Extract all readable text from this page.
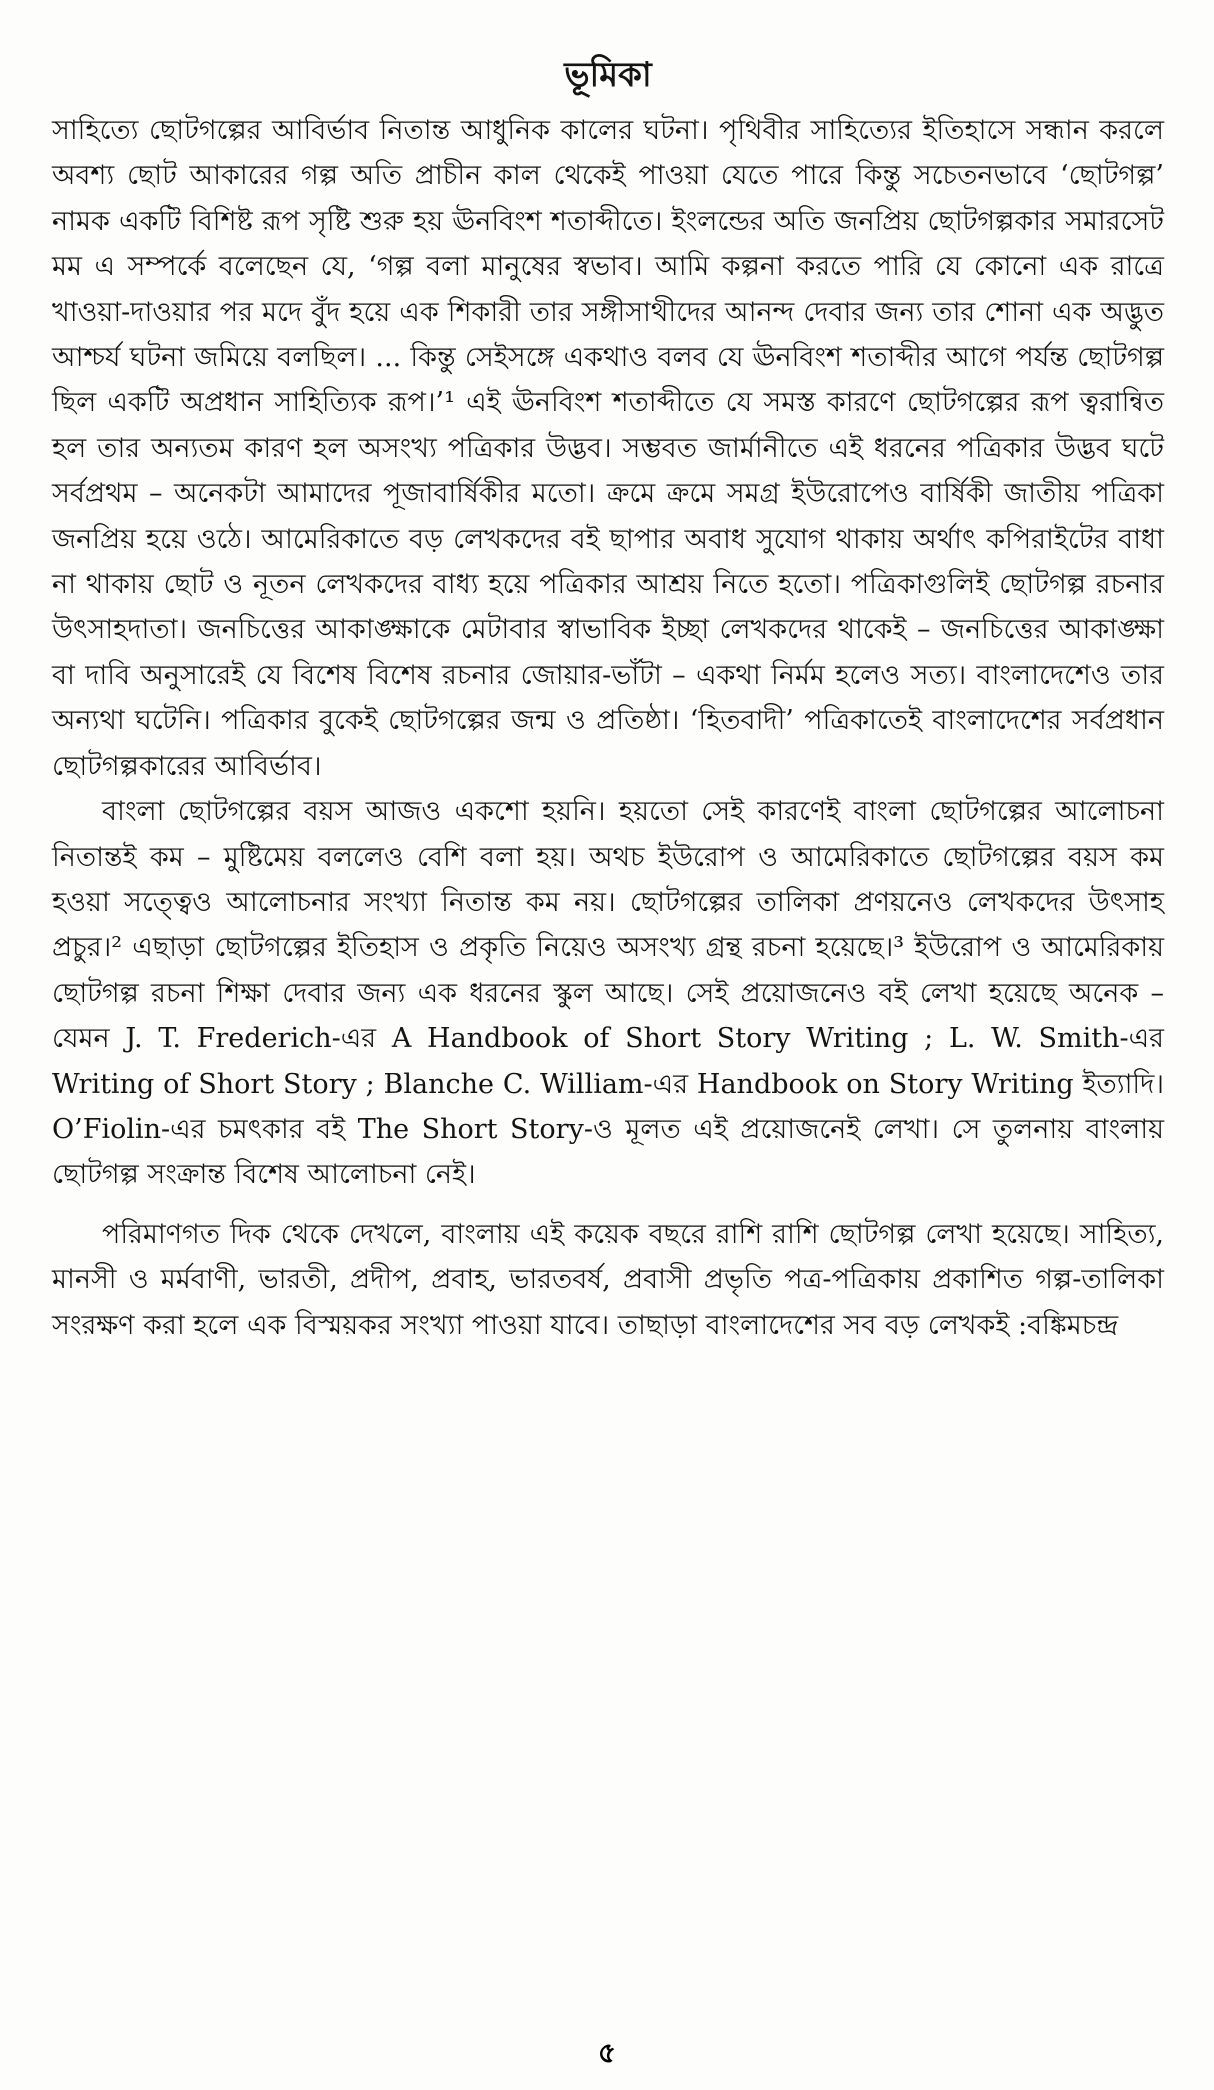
ভূমিকা

সাহিত্যে ছোটগল্পের আবির্ভাব নিতান্ত আধুনিক কালের ঘটনা। পৃথিবীর সাহিত্যের ইতিহাসে সন্ধান করলে অবশ্য ছোট আকারের গল্প অতি প্রাচীন কাল থেকেই পাওয়া যেতে পারে কিন্তু সচেতনভাবে ‘ছোটগল্প’ নামক একটি বিশিষ্ট রূপ সৃষ্টি শুরু হয় ঊনবিংশ শতাব্দীতে। ইংলন্ডের অতি জনপ্রিয় ছোটগল্পকার সমারসেট মম এ সম্পর্কে বলেছেন যে, ‘গল্প বলা মানুষের স্বভাব। আমি কল্পনা করতে পারি যে কোনো এক রাত্রে খাওয়া-দাওয়ার পর মদে বুঁদ হয়ে এক শিকারী তার সঙ্গীসাথীদের আনন্দ দেবার জন্য তার শোনা এক অদ্ভুত আশ্চর্য ঘটনা জমিয়ে বলছিল। ... কিন্তু সেইসঙ্গে একথাও বলব যে ঊনবিংশ শতাব্দীর আগে পর্যন্ত ছোটগল্প ছিল একটি অপ্রধান সাহিত্যিক রূপ।’¹ এই ঊনবিংশ শতাব্দীতে যে সমস্ত কারণে ছোটগল্পের রূপ ত্বরান্বিত হল তার অন্যতম কারণ হল অসংখ্য পত্রিকার উদ্ভব। সম্ভবত জার্মানীতে এই ধরনের পত্রিকার উদ্ভব ঘটে সর্বপ্রথম – অনেকটা আমাদের পূজাবার্ষিকীর মতো। ক্রমে ক্রমে সমগ্র ইউরোপেও বার্ষিকী জাতীয় পত্রিকা জনপ্রিয় হয়ে ওঠে। আমেরিকাতে বড় লেখকদের বই ছাপার অবাধ সুযোগ থাকায় অর্থাৎ কপিরাইটের বাধা না থাকায় ছোট ও নূতন লেখকদের বাধ্য হয়ে পত্রিকার আশ্রয় নিতে হতো। পত্রিকাগুলিই ছোটগল্প রচনার উৎসাহদাতা। জনচিত্তের আকাঙ্ক্ষাকে মেটাবার স্বাভাবিক ইচ্ছা লেখকদের থাকেই – জনচিত্তের আকাঙ্ক্ষা বা দাবি অনুসারেই যে বিশেষ বিশেষ রচনার জোয়ার-ভাঁটা – একথা নির্মম হলেও সত্য। বাংলাদেশেও তার অন্যথা ঘটেনি। পত্রিকার বুকেই ছোটগল্পের জন্ম ও প্রতিষ্ঠা। ‘হিতবাদী’ পত্রিকাতেই বাংলাদেশের সর্বপ্রধান ছোটগল্পকারের আবির্ভাব।

বাংলা ছোটগল্পের বয়স আজও একশো হয়নি। হয়তো সেই কারণেই বাংলা ছোটগল্পের আলোচনা নিতান্তই কম – মুষ্টিমেয় বললেও বেশি বলা হয়। অথচ ইউরোপ ও আমেরিকাতে ছোটগল্পের বয়স কম হওয়া সত্ত্বেও আলোচনার সংখ্যা নিতান্ত কম নয়। ছোটগল্পের তালিকা প্রণয়নেও লেখকদের উৎসাহ প্রচুর।² এছাড়া ছোটগল্পের ইতিহাস ও প্রকৃতি নিয়েও অসংখ্য গ্রন্থ রচনা হয়েছে।³ ইউরোপ ও আমেরিকায় ছোটগল্প রচনা শিক্ষা দেবার জন্য এক ধরনের স্কুল আছে। সেই প্রয়োজনেও বই লেখা হয়েছে অনেক – যেমন J. T. Frederich-এর A Handbook of Short Story Writing ; L. W. Smith-এর Writing of Short Story ; Blanche C. William-এর Handbook on Story Writing ইত্যাদি। O’Fiolin-এর চমৎকার বই The Short Story-ও মূলত এই প্রয়োজনেই লেখা। সে তুলনায় বাংলায় ছোটগল্প সংক্রান্ত বিশেষ আলোচনা নেই।

পরিমাণগত দিক থেকে দেখলে, বাংলায় এই কয়েক বছরে রাশি রাশি ছোটগল্প লেখা হয়েছে। সাহিত্য, মানসী ও মর্মবাণী, ভারতী, প্রদীপ, প্রবাহ, ভারতবর্ষ, প্রবাসী প্রভৃতি পত্র-পত্রিকায় প্রকাশিত গল্প-তালিকা সংরক্ষণ করা হলে এক বিস্ময়কর সংখ্যা পাওয়া যাবে। তাছাড়া বাংলাদেশের সব বড় লেখকই :বঙ্কিমচন্দ্র

৫
